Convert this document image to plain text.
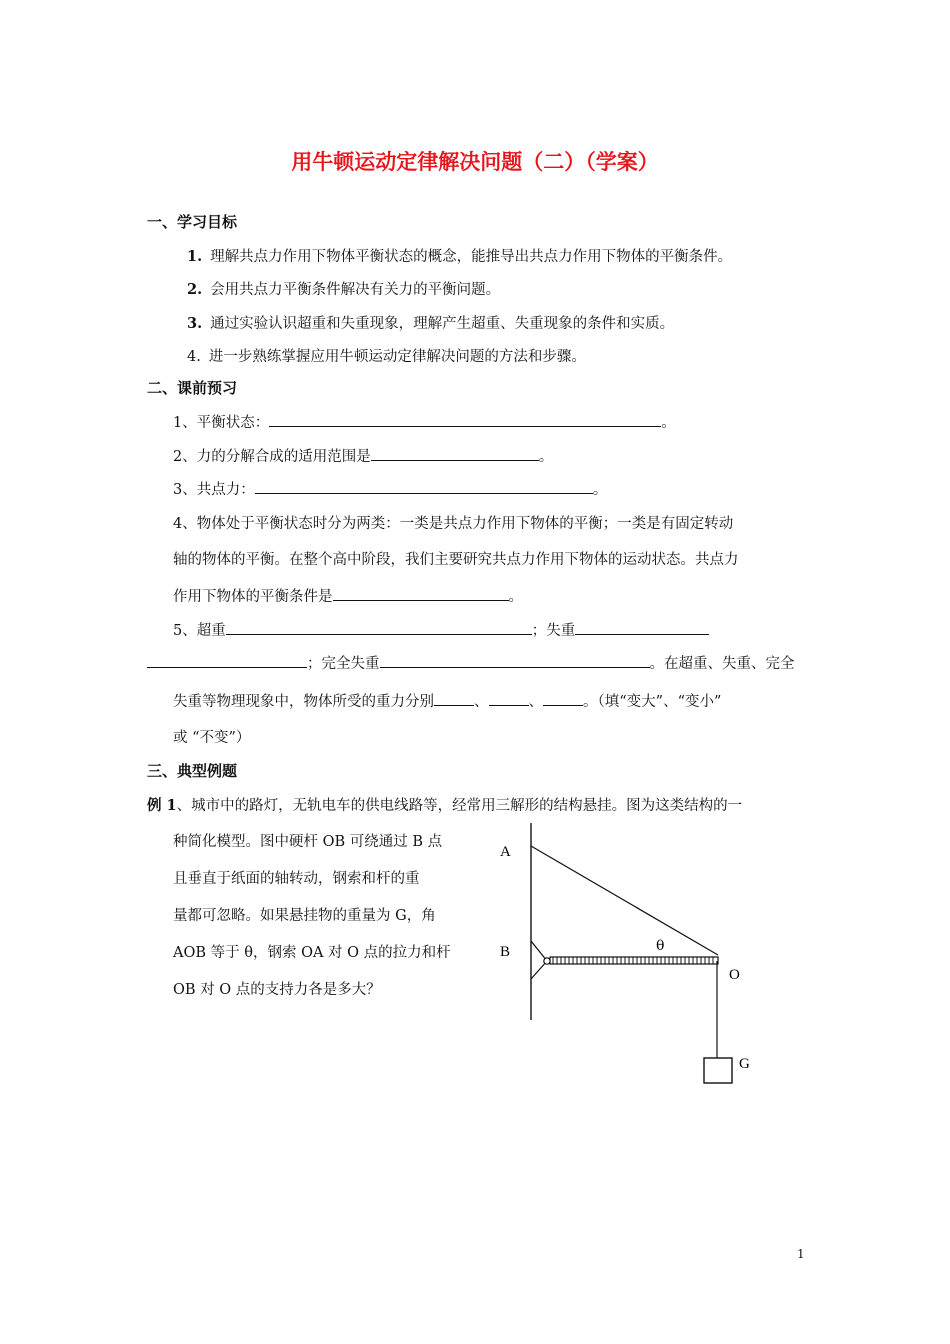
用牛顿运动定律解决问题（二）（学案）
一、学习目标
1. 理解共点力作用下物体平衡状态的概念，能推导出共点力作用下物体的平衡条件。
2. 会用共点力平衡条件解决有关力的平衡问题。
3. 通过实验认识超重和失重现象，理解产生超重、失重现象的条件和实质。
4. 进一步熟练掌握应用牛顿运动定律解决问题的方法和步骤。
二、课前预习
1、平衡状态：	。
2、力的分解合成的适用范围是	。
3、共点力：	。
4、物体处于平衡状态时分为两类：一类是共点力作用下物体的平衡；一类是有固定转动
轴的物体的平衡。在整个高中阶段，我们主要研究共点力作用下物体的运动状态。共点力
作用下物体的平衡条件是	。
5、超重	；失重
；完全失重	。在超重、失重、完全
失重等物理现象中，物体所受的重力分别	、	、	。（填“变大”、“变小”
或 “不变”）
三、典型例题
例 1、城市中的路灯，无轨电车的供电线路等，经常用三解形的结构悬挂。图为这类结构的一
种简化模型。图中硬杆 OB 可绕通过 B 点
且垂直于纸面的轴转动，钢索和杆的重
量都可忽略。如果悬挂物的重量为 G，角
AOB 等于 θ，钢索 OA 对 O 点的拉力和杆
OB 对 O 点的支持力各是多大？
A
B
O
G
θ
1
